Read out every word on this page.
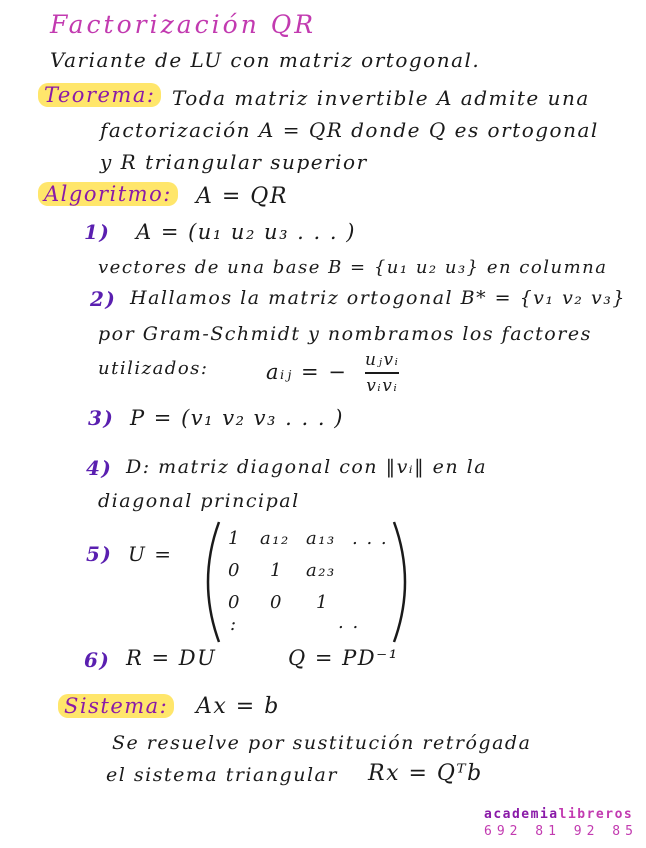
Factorización QR
Variante de LU con matriz ortogonal.
Teorema: Toda matriz invertible A admite una
factorización A = QR donde Q es ortogonal
y R triangular superior
Algoritmo: A = QR
1) A = (u₁ u₂ u₃ . . . )
vectores de una base B = {u₁ u₂ u₃} en columna
2) Hallamos la matriz ortogonal B* = {v₁ v₂ v₃}
por Gram-Schmidt y nombramos los factores
utilizados:	aᵢⱼ = − uⱼvᵢ
vᵢvᵢ
3) P = (v₁ v₂ v₃ . . . )
4) D: matriz diagonal con ‖vᵢ‖ en la
diagonal principal
5) U =
1 a₁₂ a₁₃ . . .
0 1 a₂₃
0 0 1
:	. .
6) R = DU	Q = PD⁻¹
Sistema: Ax = b
Se resuelve por sustitución retrógada
el sistema triangular Rx = Qᵀb
academialibreros
692 81 92 85
